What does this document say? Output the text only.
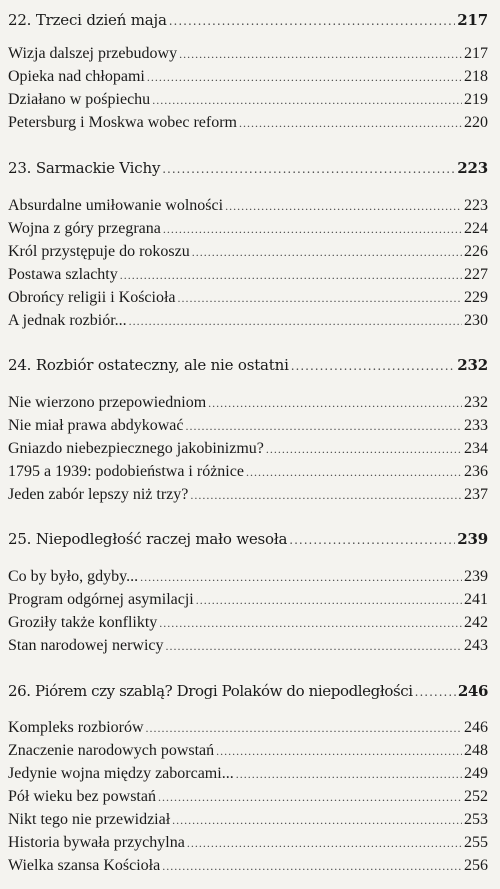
22. Trzeci dzień maja .....	217
Wizja dalszej przebudowy .....	217
Opieka nad chłopami .....	218
Działano w pośpiechu .....	219
Petersburg i Moskwa wobec reform .....	220
23. Sarmackie Vichy .....	223
Absurdalne umiłowanie wolności .....	223
Wojna z góry przegrana .....	224
Król przystępuje do rokoszu .....	226
Postawa szlachty .....	227
Obrońcy religii i Kościoła .....	229
A jednak rozbiór... .....	230
24. Rozbiór ostateczny, ale nie ostatni .....	232
Nie wierzono przepowiedniom .....	232
Nie miał prawa abdykować .....	233
Gniazdo niebezpiecznego jakobinizmu? .....	234
1795 a 1939: podobieństwa i różnice .....	236
Jeden zabór lepszy niż trzy? .....	237
25. Niepodległość raczej mało wesoła .....	239
Co by było, gdyby... .....	239
Program odgórnej asymilacji .....	241
Groziły także konflikty .....	242
Stan narodowej nerwicy .....	243
26. Piórem czy szablą? Drogi Polaków do niepodległości .....	246
Kompleks rozbiorów .....	246
Znaczenie narodowych powstań .....	248
Jedynie wojna między zaborcami... .....	249
Pół wieku bez powstań .....	252
Nikt tego nie przewidział .....	253
Historia bywała przychylna .....	255
Wielka szansa Kościoła .....	256
